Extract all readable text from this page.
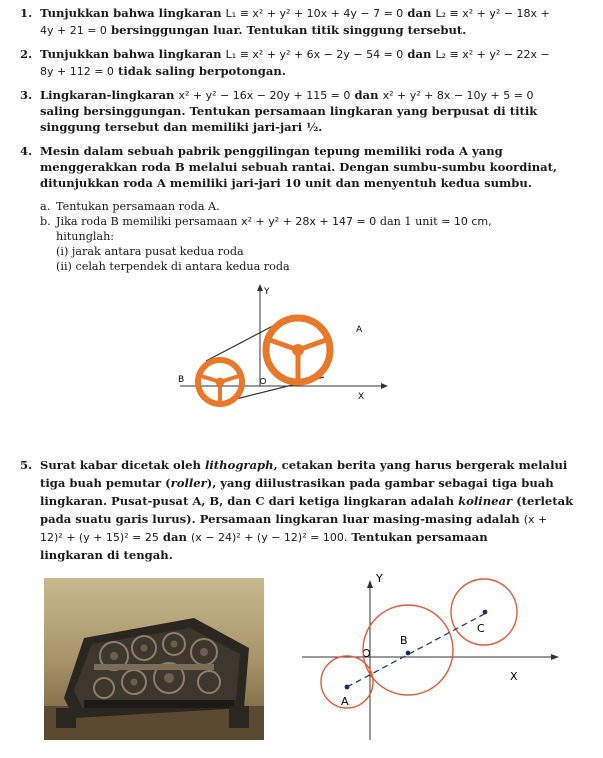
1. Tunjukkan bahwa lingkaran L₁ ≡ x² + y² + 10x + 4y − 7 = 0 dan L₂ ≡ x² + y² − 18x +
4y + 21 = 0 bersinggungan luar. Tentukan titik singgung tersebut.
2. Tunjukkan bahwa lingkaran L₁ ≡ x² + y² + 6x − 2y − 54 = 0 dan L₂ ≡ x² + y² − 22x −
8y + 112 = 0 tidak saling berpotongan.
3. Lingkaran-lingkaran x² + y² − 16x − 20y + 115 = 0 dan x² + y² + 8x − 10y + 5 = 0
saling bersinggungan. Tentukan persamaan lingkaran yang berpusat di titik
singgung tersebut dan memiliki jari-jari ½.
4. Mesin dalam sebuah pabrik penggilingan tepung memiliki roda A yang
menggerakkan roda B melalui sebuah rantai. Dengan sumbu-sumbu koordinat,
ditunjukkan roda A memiliki jari-jari 10 unit dan menyentuh kedua sumbu.
a. Tentukan persamaan roda A.
b. Jika roda B memiliki persamaan x² + y² + 28x + 147 = 0 dan 1 unit = 10 cm,
hitunglah:
(i) jarak antara pusat kedua roda
(ii) celah terpendek di antara kedua roda
Y
X
A
B
5. Surat kabar dicetak oleh lithograph, cetakan berita yang harus bergerak melalui
tiga buah pemutar (roller), yang diilustrasikan pada gambar sebagai tiga buah
lingkaran. Pusat-pusat A, B, dan C dari ketiga lingkaran adalah kolinear (terletak
pada suatu garis lurus). Persamaan lingkaran luar masing-masing adalah (x +
12)² + (y + 15)² = 25 dan (x − 24)² + (y − 12)² = 100. Tentukan persamaan
lingkaran di tengah.
Y
X
O
A
B
C
